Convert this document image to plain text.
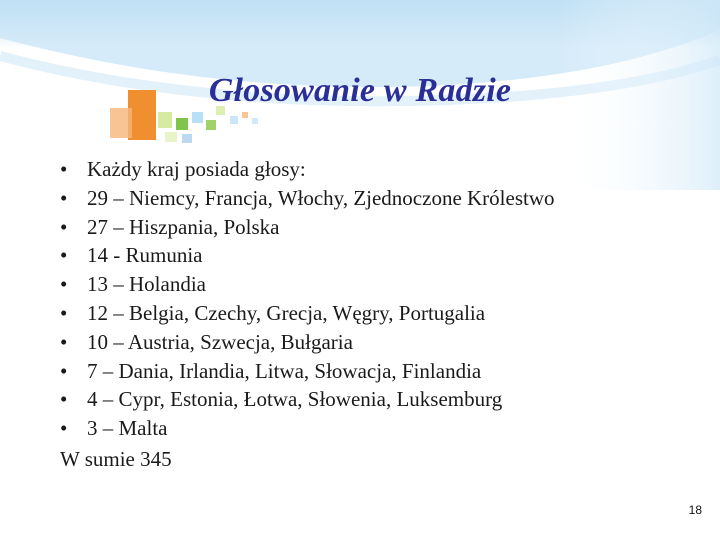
Głosowanie w Radzie
• Każdy kraj posiada głosy:
• 29 – Niemcy, Francja, Włochy, Zjednoczone Królestwo
• 27 – Hiszpania, Polska
• 14 - Rumunia
• 13 – Holandia
• 12 – Belgia, Czechy, Grecja, Węgry, Portugalia
• 10 – Austria, Szwecja, Bułgaria
• 7 – Dania, Irlandia, Litwa, Słowacja, Finlandia
• 4 – Cypr, Estonia, Łotwa, Słowenia, Luksemburg
• 3 – Malta
W sumie 345
18
